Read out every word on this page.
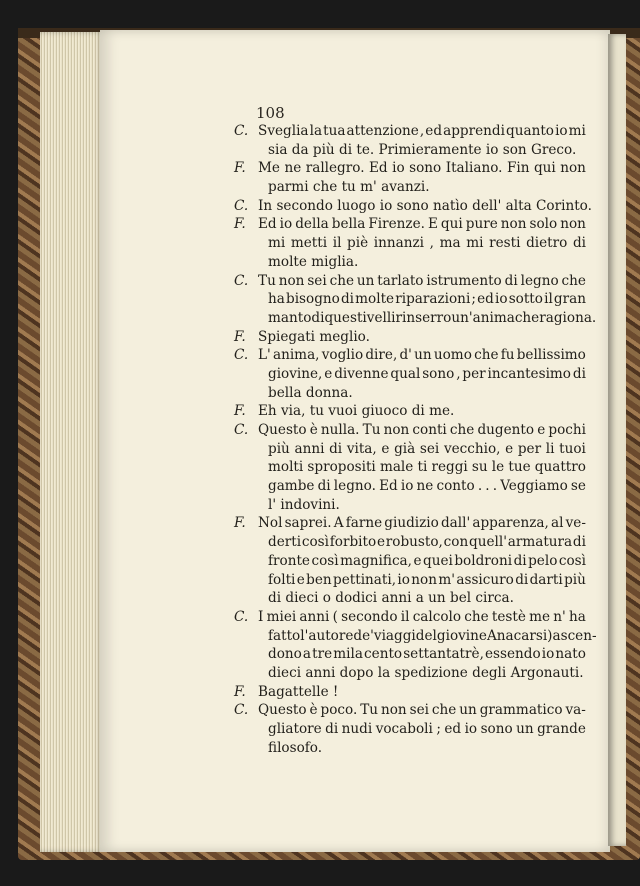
108
C. Sveglia la tua attenzione , ed apprendi quanto io mi
sia da più di te. Primieramente io son Greco.
F. Me ne rallegro. Ed io sono Italiano. Fin qui non
parmi che tu m' avanzi.
C. In secondo luogo io sono natìo dell' alta Corinto.
F. Ed io della bella Firenze. E qui pure non solo non
mi metti il piè innanzi , ma mi resti dietro di
molte miglia.
C. Tu non sei che un tarlato istrumento di legno che
ha bisogno di molte riparazioni ; ed io sotto il gran
manto di questi velli rinserro un' anima che ragiona.
F. Spiegati meglio.
C. L' anima, voglio dire, d' un uomo che fu bellissimo
giovine, e divenne qual sono , per incantesimo di
bella donna.
F. Eh via, tu vuoi giuoco di me.
C. Questo è nulla. Tu non conti che dugento e pochi
più anni di vita, e già sei vecchio, e per li tuoi
molti spropositi male ti reggi su le tue quattro
gambe di legno. Ed io ne conto . . . Veggiamo se
l' indovini.
F. Nol saprei. A farne giudizio dall' apparenza, al ve-
derti così forbito e robusto, con quell' armatura di
fronte così magnifica, e quei boldroni di pelo così
folti e ben pettinati, io non m' assicuro di darti più
di dieci o dodici anni a un bel circa.
C. I miei anni ( secondo il calcolo che testè me n' ha
fatto l' autore de' viaggi del giovine Anacarsi ) ascen-
dono a tre mila cento settantatrè, essendo io nato
dieci anni dopo la spedizione degli Argonauti.
F. Bagattelle !
C. Questo è poco. Tu non sei che un grammatico va-
gliatore di nudi vocaboli ; ed io sono un grande
filosofo.
